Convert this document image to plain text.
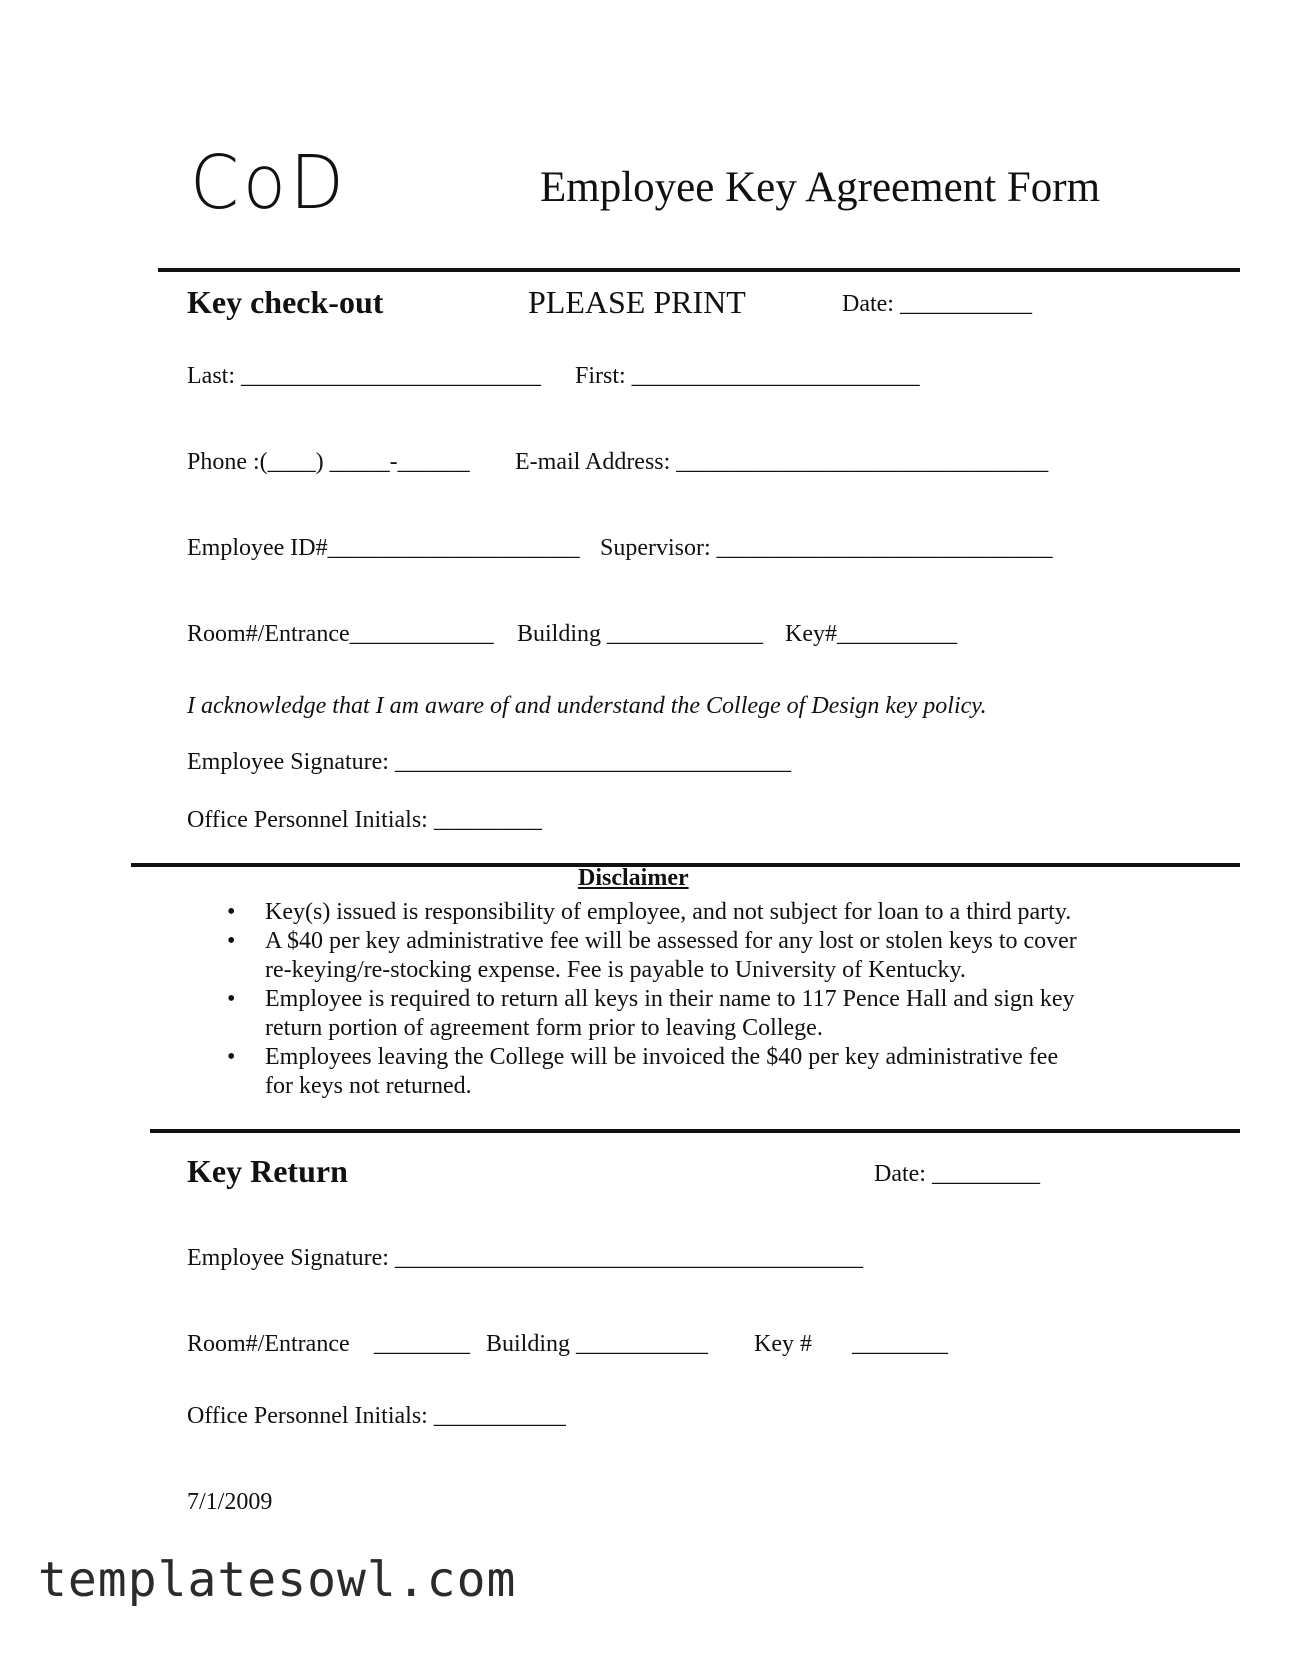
CoD	Employee Key Agreement Form
Key check-out	PLEASE PRINT	Date: ___________
Last: _________________________ First: ________________________
Phone :(____) _____-______ E-mail Address: _______________________________
Employee ID#_____________________ Supervisor: ____________________________
Room#/Entrance____________ Building _____________ Key#__________
I acknowledge that I am aware of and understand the College of Design key policy.
Employee Signature: _________________________________
Office Personnel Initials: _________
Disclaimer
• Key(s) issued is responsibility of employee, and not subject for loan to a third party.
• A $40 per key administrative fee will be assessed for any lost or stolen keys to cover re-keying/re-stocking expense. Fee is payable to University of Kentucky.
• Employee is required to return all keys in their name to 117 Pence Hall and sign key return portion of agreement form prior to leaving College.
• Employees leaving the College will be invoiced the $40 per key administrative fee for keys not returned.
Key Return	Date: _________
Employee Signature: _______________________________________
Room#/Entrance ________ Building ___________ Key # ________
Office Personnel Initials: ___________
7/1/2009
templatesowl.com
